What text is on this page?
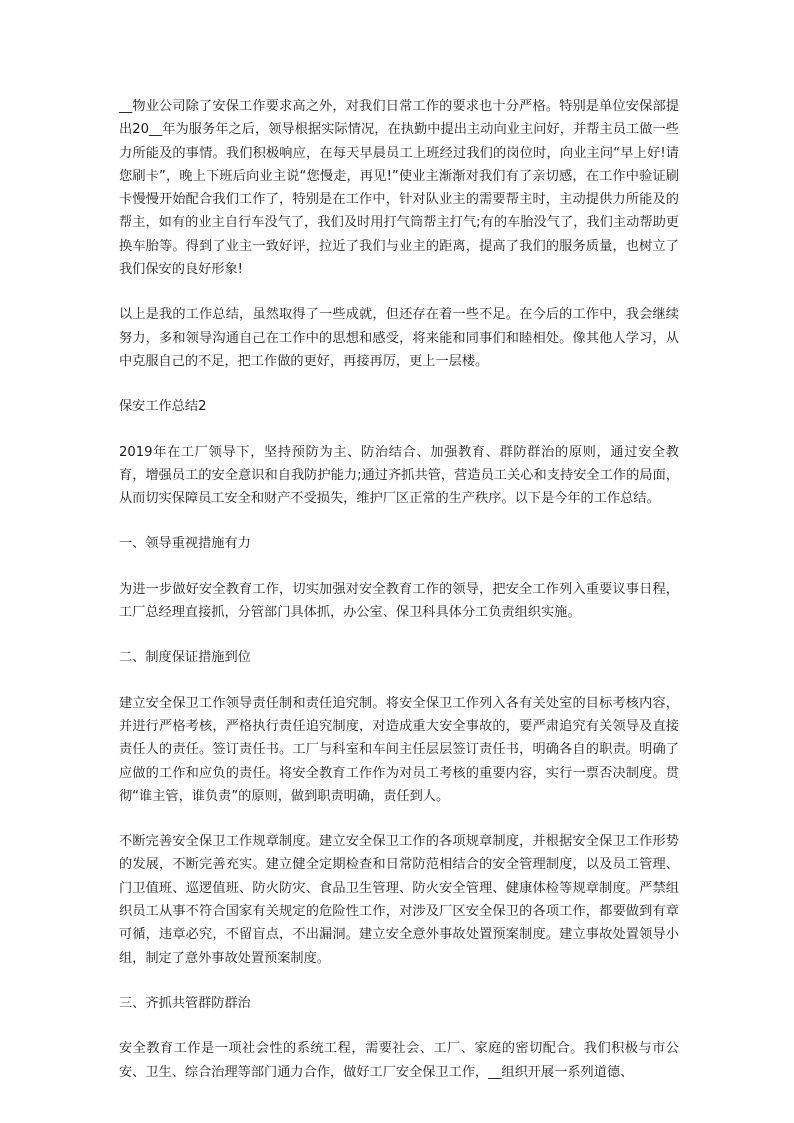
__物业公司除了安保工作要求高之外，对我们日常工作的要求也十分严格。特别是单位安保部提出20__年为服务年之后，领导根据实际情况，在执勤中提出主动向业主问好，并帮主员工做一些力所能及的事情。我们积极响应，在每天早晨员工上班经过我们的岗位时，向业主问“早上好!请您刷卡”，晚上下班后向业主说“您慢走，再见!”使业主渐渐对我们有了亲切感，在工作中验证刷卡慢慢开始配合我们工作了，特别是在工作中，针对队业主的需要帮主时，主动提供力所能及的帮主，如有的业主自行车没气了，我们及时用打气筒帮主打气;有的车胎没气了，我们主动帮助更换车胎等。得到了业主一致好评，拉近了我们与业主的距离，提高了我们的服务质量，也树立了我们保安的良好形象!

以上是我的工作总结，虽然取得了一些成就，但还存在着一些不足。在今后的工作中，我会继续努力，多和领导沟通自己在工作中的思想和感受，将来能和同事们和睦相处。像其他人学习，从中克服自己的不足，把工作做的更好，再接再厉，更上一层楼。

保安工作总结2

2019年在工厂领导下，坚持预防为主、防治结合、加强教育、群防群治的原则，通过安全教育，增强员工的安全意识和自我防护能力;通过齐抓共管，营造员工关心和支持安全工作的局面，从而切实保障员工安全和财产不受损失，维护厂区正常的生产秩序。以下是今年的工作总结。

一、领导重视措施有力

为进一步做好安全教育工作，切实加强对安全教育工作的领导，把安全工作列入重要议事日程，工厂总经理直接抓，分管部门具体抓，办公室、保卫科具体分工负责组织实施。

二、制度保证措施到位

建立安全保卫工作领导责任制和责任追究制。将安全保卫工作列入各有关处室的目标考核内容，并进行严格考核，严格执行责任追究制度，对造成重大安全事故的，要严肃追究有关领导及直接责任人的责任。签订责任书。工厂与科室和车间主任层层签订责任书，明确各自的职责。明确了应做的工作和应负的责任。将安全教育工作作为对员工考核的重要内容，实行一票否决制度。贯彻“谁主管，谁负责”的原则，做到职责明确，责任到人。

不断完善安全保卫工作规章制度。建立安全保卫工作的各项规章制度，并根据安全保卫工作形势的发展，不断完善充实。建立健全定期检查和日常防范相结合的安全管理制度，以及员工管理、门卫值班、巡逻值班、防火防灾、食品卫生管理、防火安全管理、健康体检等规章制度。严禁组织员工从事不符合国家有关规定的危险性工作，对涉及厂区安全保卫的各项工作，都要做到有章可循，违章必究，不留盲点，不出漏洞。建立安全意外事故处置预案制度。建立事故处置领导小组，制定了意外事故处置预案制度。

三、齐抓共管群防群治

安全教育工作是一项社会性的系统工程，需要社会、工厂、家庭的密切配合。我们积极与市公安、卫生、综合治理等部门通力合作，做好工厂安全保卫工作，__组织开展一系列道德、
